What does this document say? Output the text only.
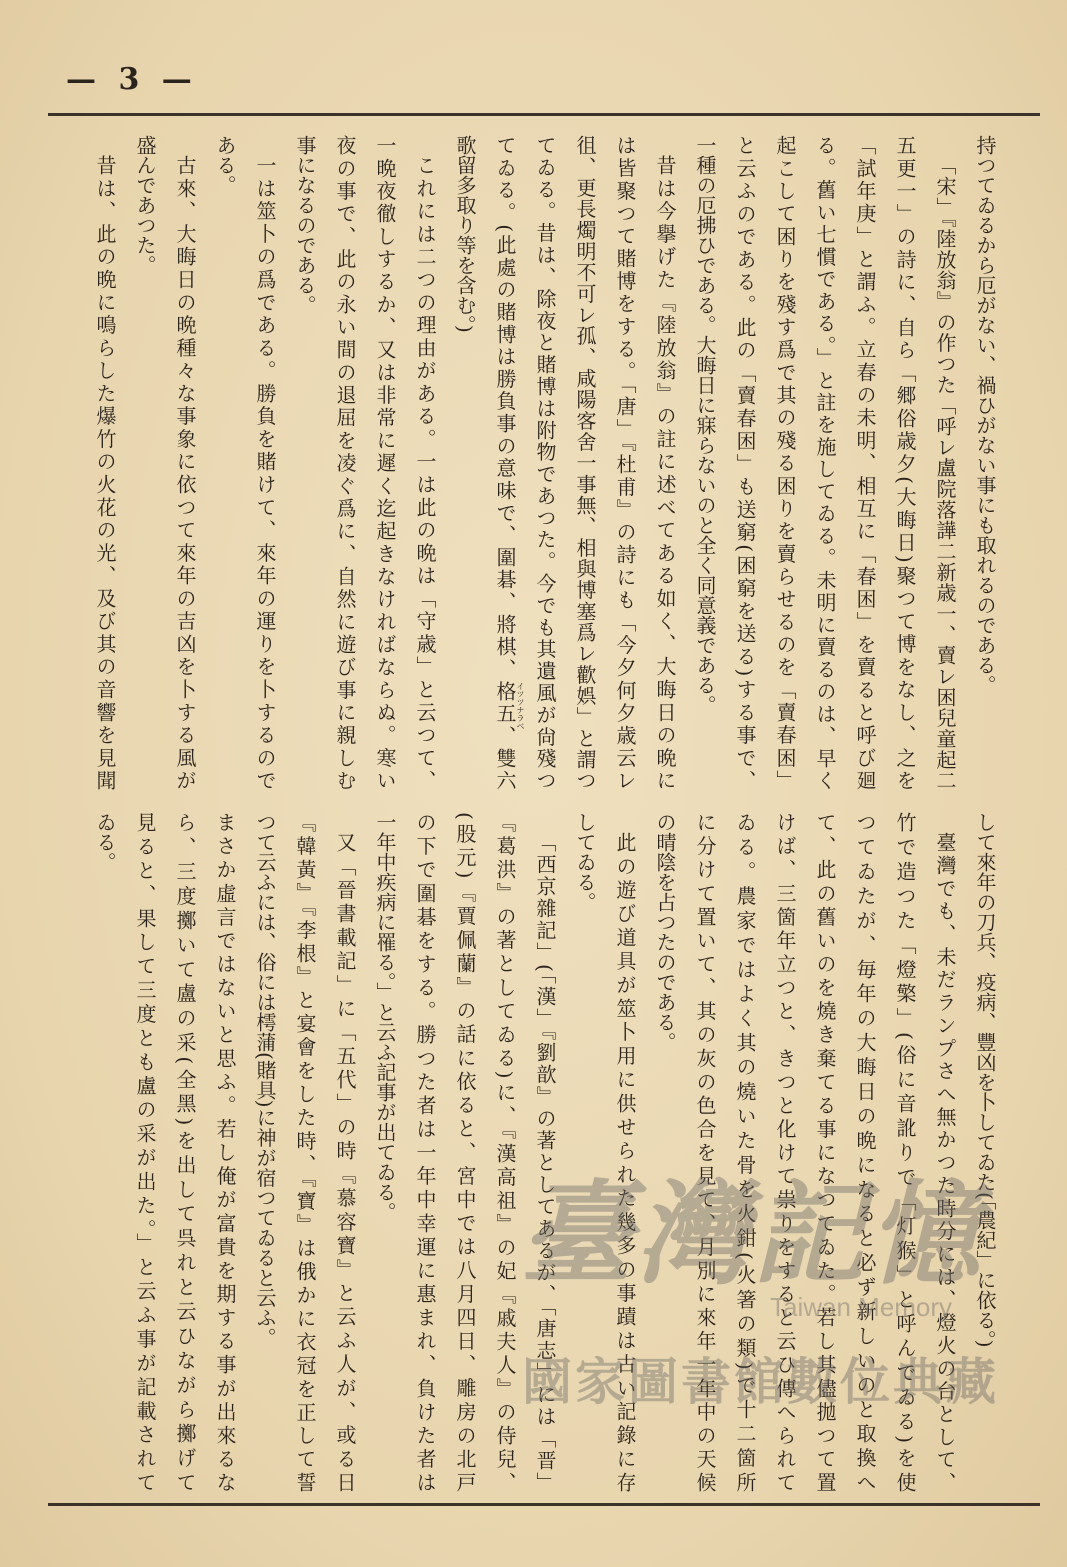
— 3 —
持つてゐるから厄がない、禍ひがない事にも取れるのである。
「宋」『陸放翁』の作つた「呼レ盧院落譁二新歳一、賣レ困兒童起二
五更一」の詩に、自ら「郷俗歳夕(大晦日)聚つて博をなし、之を
「試年庚」と謂ふ。立春の未明、相互に「春困」を賣ると呼び廻
る。舊い七慣である。」と註を施してゐる。未明に賣るのは、早く
起こして困りを殘す爲で其の殘る困りを賣らせるのを「賣春困」
と云ふのである。此の「賣春困」も送窮(困窮を送る)する事で、
一種の厄拂ひである。大晦日に寐らないのと全く同意義である。
昔は今擧げた『陸放翁』の註に述べてある如く、大晦日の晩に
は皆聚つて賭博をする。「唐」『杜甫』の詩にも「今夕何夕歳云レ
徂、更長燭明不可レ孤、咸陽客舍一事無、相與博塞爲レ歡娯」と謂つ
てゐる。昔は、除夜と賭博は附物であつた。今でも其遺風が尙殘つ
てゐる。(此處の賭博は勝負事の意味で、圍碁、將棋、格五、雙六
歌留多取り等を含む。)
これには二つの理由がある。一は此の晩は「守歳」と云つて、
一晩夜徹しするか、又は非常に遲く迄起きなければならぬ。寒い
夜の事で、此の永い間の退屈を凌ぐ爲に、自然に遊び事に親しむ
事になるのである。
一は筮卜の爲である。勝負を賭けて、來年の運りを卜するので
ある。
古來、大晦日の晩種々な事象に依つて來年の吉凶を卜する風が
盛んであつた。
昔は、此の晩に鳴らした爆竹の火花の光、及び其の音響を見聞	イツツナラベ
して來年の刀兵、疫病、豐凶を卜してゐた(「農紀」に依る。)
臺灣でも、未だランプさへ無かつた時分には、燈火の台として、
竹で造つた「燈檠」(俗に音訛りで「灯猴」と呼んでゐる)を使
つてゐたが、毎年の大晦日の晩になると必ず新しいのと取換へ
て、此の舊いのを燒き棄てる事になつてゐた。若し其儘拋つて置
けば、三箇年立つと、きつと化けて祟りをすると云ひ傳へられて
ゐる。農家ではよく其の燒いた骨を火鉗(火箸の類)で十二箇所
に分けて置いて、其の灰の色合を見て、月別に來年一年中の天候
の晴陰を占つたのである。
此の遊び道具が筮卜用に供せられた幾多の事蹟は古い記錄に存
してゐる。
「西京雜記」(「漢」『劉歆』の著としてあるが、「唐志」には「晋」
『葛洪』の著としてゐる)に、『漢高祖』の妃『戚夫人』の侍兒、
(股元)『賈佩蘭』の話に依ると、宮中では八月四日、雕房の北戸
の下で圍碁をする。勝つた者は一年中幸運に惠まれ、負けた者は
一年中疾病に罹る。」と云ふ記事が出てゐる。
又「晉書載記」に「五代」の時『慕容寶』と云ふ人が、或る日
『韓黃』『李根』と宴會をした時、『寶』は俄かに衣冠を正して誓
つて云ふには、俗には樗蒲(賭具)に神が宿つてゐると云ふ。
まさか虛言ではないと思ふ。若し俺が富貴を期する事が出來るな
ら、三度擲いて盧の采(全黑)を出して呉れと云ひながら擲げて
見ると、果して三度とも盧の采が出た。」と云ふ事が記載されて
ゐる。
臺灣記憶
Taiwan Memory
國家圖書館數位典藏
